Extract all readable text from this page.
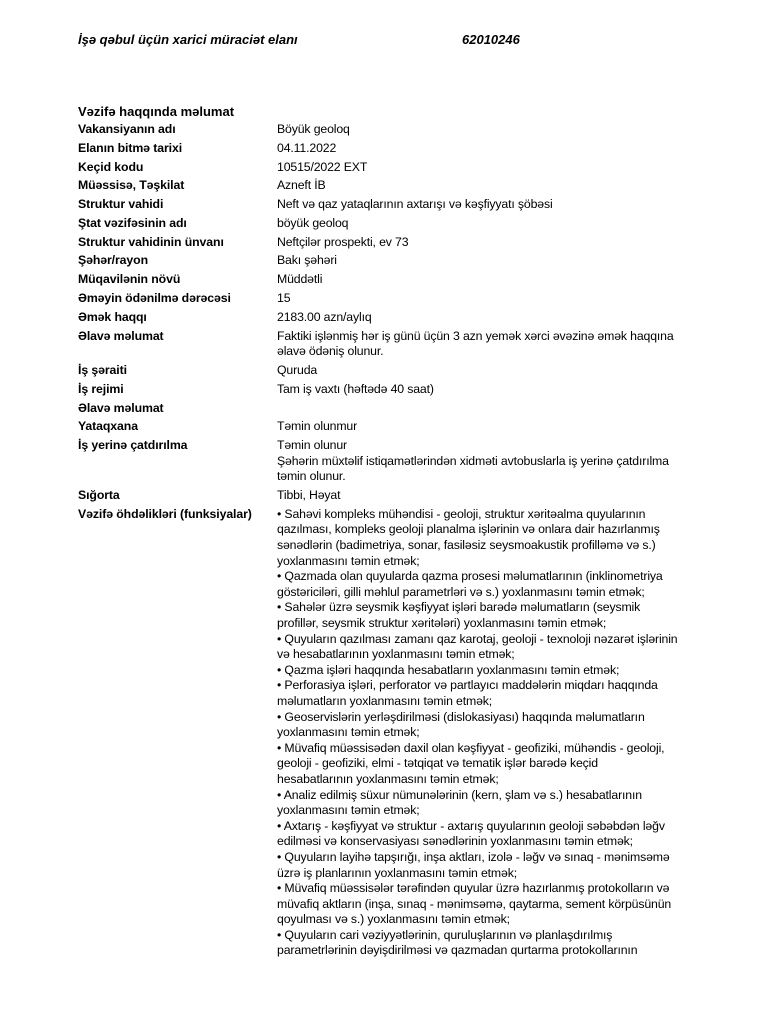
İşə qəbul üçün xarici müraciət elanı	62010246
Vəzifə haqqında məlumat
Vakansiyanın adı	Böyük geoloq
Elanın bitmə tarixi	04.11.2022
Keçid kodu	10515/2022 EXT
Müəssisə, Təşkilat	Azneft İB
Struktur vahidi	Neft və qaz yataqlarının axtarışı və kəşfiyyatı şöbəsi
Ştat vəzifəsinin adı	böyük geoloq
Struktur vahidinin ünvanı	Neftçilər prospekti, ev 73
Şəhər/rayon	Bakı şəhəri
Müqavilənin növü	Müddətli
Əməyin ödənilmə dərəcəsi	15
Əmək haqqı	2183.00 azn/aylıq
Əlavə məlumat	Faktiki işlənmiş hər iş günü üçün 3 azn yemək xərci əvəzinə əmək haqqına
əlavə ödəniş olunur.
İş şəraiti	Quruda
İş rejimi	Tam iş vaxtı (həftədə 40 saat)
Əlavə məlumat
Yataqxana	Təmin olunmur
İş yerinə çatdırılma	Təmin olunur
Şəhərin müxtəlif istiqamətlərindən xidməti avtobuslarla iş yerinə çatdırılma
təmin olunur.
Sığorta	Tibbi, Həyat
Vəzifə öhdəlikləri (funksiyalar)	• Sahəvi kompleks mühəndisi - geoloji, struktur xəritəalma quyularının
qazılması, kompleks geoloji planalma işlərinin və onlara dair hazırlanmış
sənədlərin (badimetriya, sonar, fasiləsiz seysmoakustik profilləmə və s.)
yoxlanmasını təmin etmək;
• Qazmada olan quyularda qazma prosesi məlumatlarının (inklinometriya
göstəriciləri, gilli məhlul parametrləri və s.) yoxlanmasını təmin etmək;
• Sahələr üzrə seysmik kəşfiyyat işləri barədə məlumatların (seysmik
profillər, seysmik struktur xəritələri) yoxlanmasını təmin etmək;
• Quyuların qazılması zamanı qaz karotaj, geoloji - texnoloji nəzarət işlərinin
və hesabatlarının yoxlanmasını təmin etmək;
• Qazma işləri haqqında hesabatların yoxlanmasını təmin etmək;
• Perforasiya işləri, perforator və partlayıcı maddələrin miqdarı haqqında
məlumatların yoxlanmasını təmin etmək;
• Geoservislərin yerləşdirilməsi (dislokasiyası) haqqında məlumatların
yoxlanmasını təmin etmək;
• Müvafiq müəssisədən daxil olan kəşfiyyat - geofiziki, mühəndis - geoloji,
geoloji - geofiziki, elmi - tətqiqat və tematik işlər barədə keçid
hesabatlarının yoxlanmasını təmin etmək;
• Analiz edilmiş süxur nümunələrinin (kern, şlam və s.) hesabatlarının
yoxlanmasını təmin etmək;
• Axtarış - kəşfiyyat və struktur - axtarış quyularının geoloji səbəbdən ləğv
edilməsi və konservasiyası sənədlərinin yoxlanmasını təmin etmək;
• Quyuların layihə tapşırığı, inşa aktları, izolə - ləğv və sınaq - mənimsəmə
üzrə iş planlarının yoxlanmasını təmin etmək;
• Müvafiq müəssisələr tərəfindən quyular üzrə hazırlanmış protokolların və
müvafiq aktların (inşa, sınaq - mənimsəmə, qaytarma, sement körpüsünün
qoyulması və s.) yoxlanmasını təmin etmək;
• Quyuların cari vəziyyətlərinin, quruluşlarının və planlaşdırılmış
parametrlərinin dəyişdirilməsi və qazmadan qurtarma protokollarının
